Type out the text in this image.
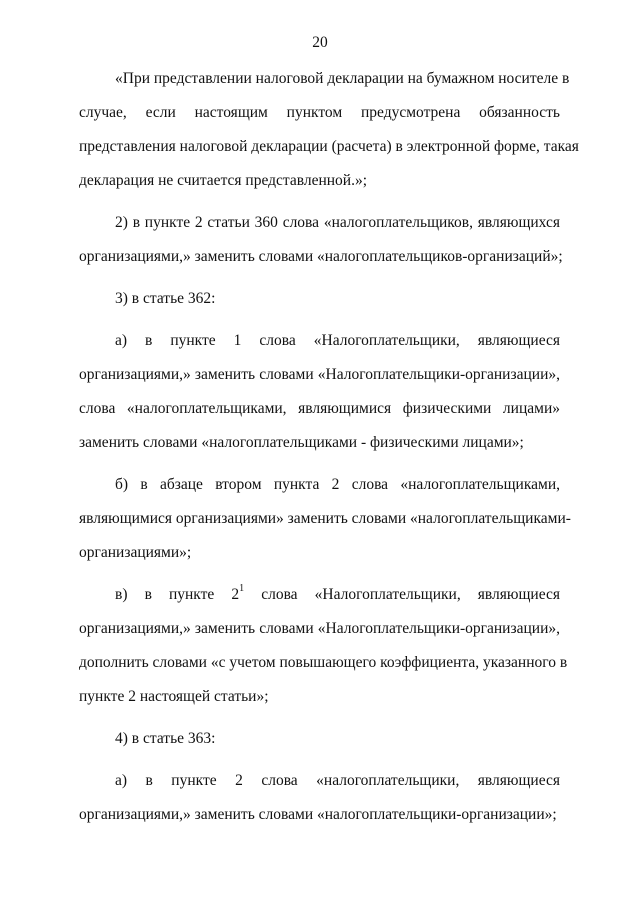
20
«При представлении налоговой декларации на бумажном носителе в
случае, если настоящим пунктом предусмотрена обязанность
представления налоговой декларации (расчета) в электронной форме, такая
декларация не считается представленной.»;
2) в пункте 2 статьи 360 слова «налогоплательщиков, являющихся
организациями,» заменить словами «налогоплательщиков-организаций»;
3) в статье 362:
а) в пункте 1 слова «Налогоплательщики, являющиеся
организациями,» заменить словами «Налогоплательщики-организации»,
слова «налогоплательщиками, являющимися физическими лицами»
заменить словами «налогоплательщиками - физическими лицами»;
б) в абзаце втором пункта 2 слова «налогоплательщиками,
являющимися организациями» заменить словами «налогоплательщиками-
организациями»;
в) в пункте $2^1$ слова «Налогоплательщики, являющиеся
организациями,» заменить словами «Налогоплательщики-организации»,
дополнить словами «с учетом повышающего коэффициента, указанного в
пункте 2 настоящей статьи»;
4) в статье 363:
а) в пункте 2 слова «налогоплательщики, являющиеся
организациями,» заменить словами «налогоплательщики-организации»;
